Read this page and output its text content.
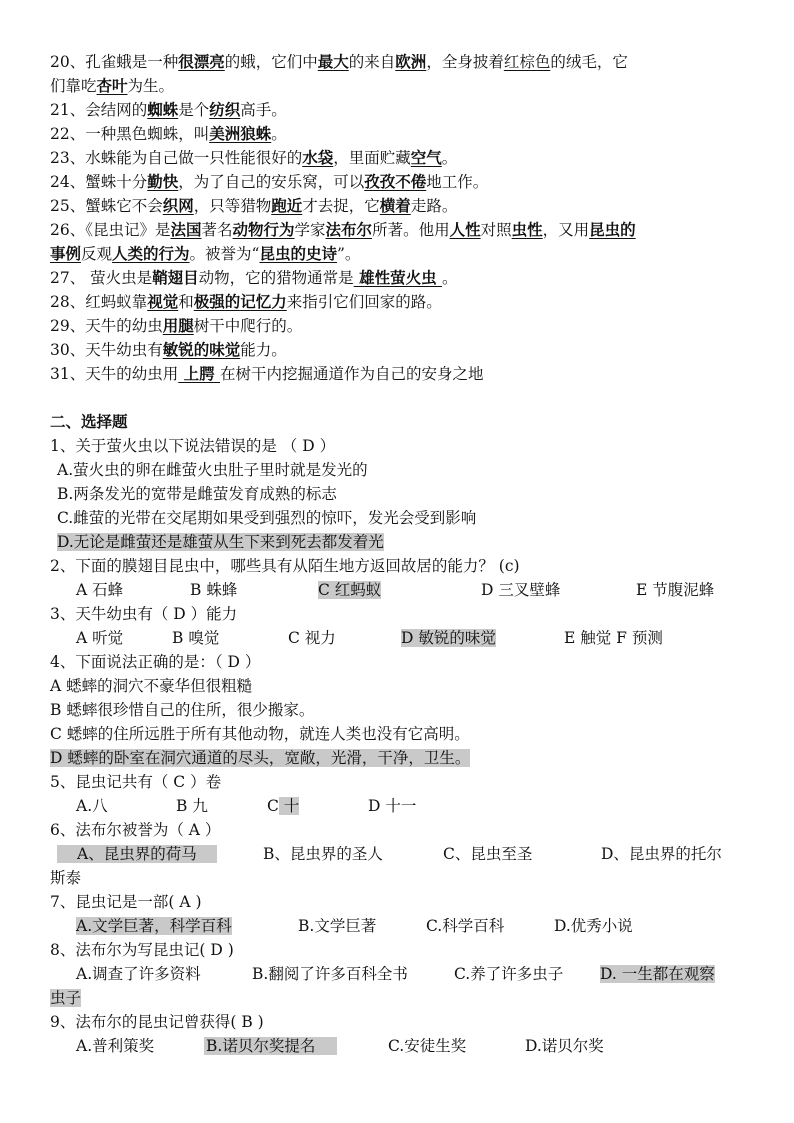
20、孔雀蛾是一种很漂亮的蛾，它们中最大的来自欧洲，全身披着红棕色的绒毛，它
们靠吃杏叶为生。
21、会结网的蜘蛛是个纺织高手。
22、一种黑色蜘蛛，叫美洲狼蛛。
23、水蛛能为自己做一只性能很好的水袋，里面贮藏空气。
24、蟹蛛十分勤快，为了自己的安乐窝，可以孜孜不倦地工作。
25、蟹蛛它不会织网，只等猎物跑近才去捉，它横着走路。
26、《昆虫记》是法国著名动物行为学家法布尔所著。他用人性对照虫性，又用昆虫的
事例反观人类的行为。被誉为“昆虫的史诗”。
27、 萤火虫是鞘翅目动物，它的猎物通常是 雄性萤火虫 。
28、红蚂蚁靠视觉和极强的记忆力来指引它们回家的路。
29、天牛的幼虫用腿树干中爬行的。
30、天牛幼虫有敏锐的味觉能力。
31、天牛的幼虫用 上腭 在树干内挖掘通道作为自己的安身之地
二、选择题
1、关于萤火虫以下说法错误的是 （ D ）
A.萤火虫的卵在雌萤火虫肚子里时就是发光的
B.两条发光的宽带是雌萤发育成熟的标志
C.雌萤的光带在交尾期如果受到强烈的惊吓，发光会受到影响
D.无论是雌萤还是雄萤从生下来到死去都发着光
2、下面的膜翅目昆虫中，哪些具有从陌生地方返回故居的能力？ (c)
A 石蜂	B 蛛蜂	C 红蚂蚁	D 三叉壁蜂	E 节腹泥蜂
3、天牛幼虫有（ D ）能力
A 听觉	B 嗅觉	C 视力	D 敏锐的味觉	E 触觉 F 预测
4、下面说法正确的是：（ D ）
A 蟋蟀的洞穴不豪华但很粗糙
B 蟋蟀很珍惜自己的住所，很少搬家。
C 蟋蟀的住所远胜于所有其他动物，就连人类也没有它高明。
D 蟋蟀的卧室在洞穴通道的尽头，宽敞，光滑，干净，卫生。
5、昆虫记共有（ C ）卷
A.八	B 九	C 十	D 十一
6、法布尔被誉为（ A ）
A、昆虫界的荷马	B、昆虫界的圣人	C、昆虫至圣	D、昆虫界的托尔
斯泰
7、昆虫记是一部( A )
A.文学巨著，科学百科	B.文学巨著	C.科学百科	D.优秀小说
8、法布尔为写昆虫记( D )
A.调查了许多资料	B.翻阅了许多百科全书	C.养了许多虫子 D. 一生都在观察
虫子
9、法布尔的昆虫记曾获得( B )
A.普利策奖	B.诺贝尔奖提名	C.安徒生奖	D.诺贝尔奖
